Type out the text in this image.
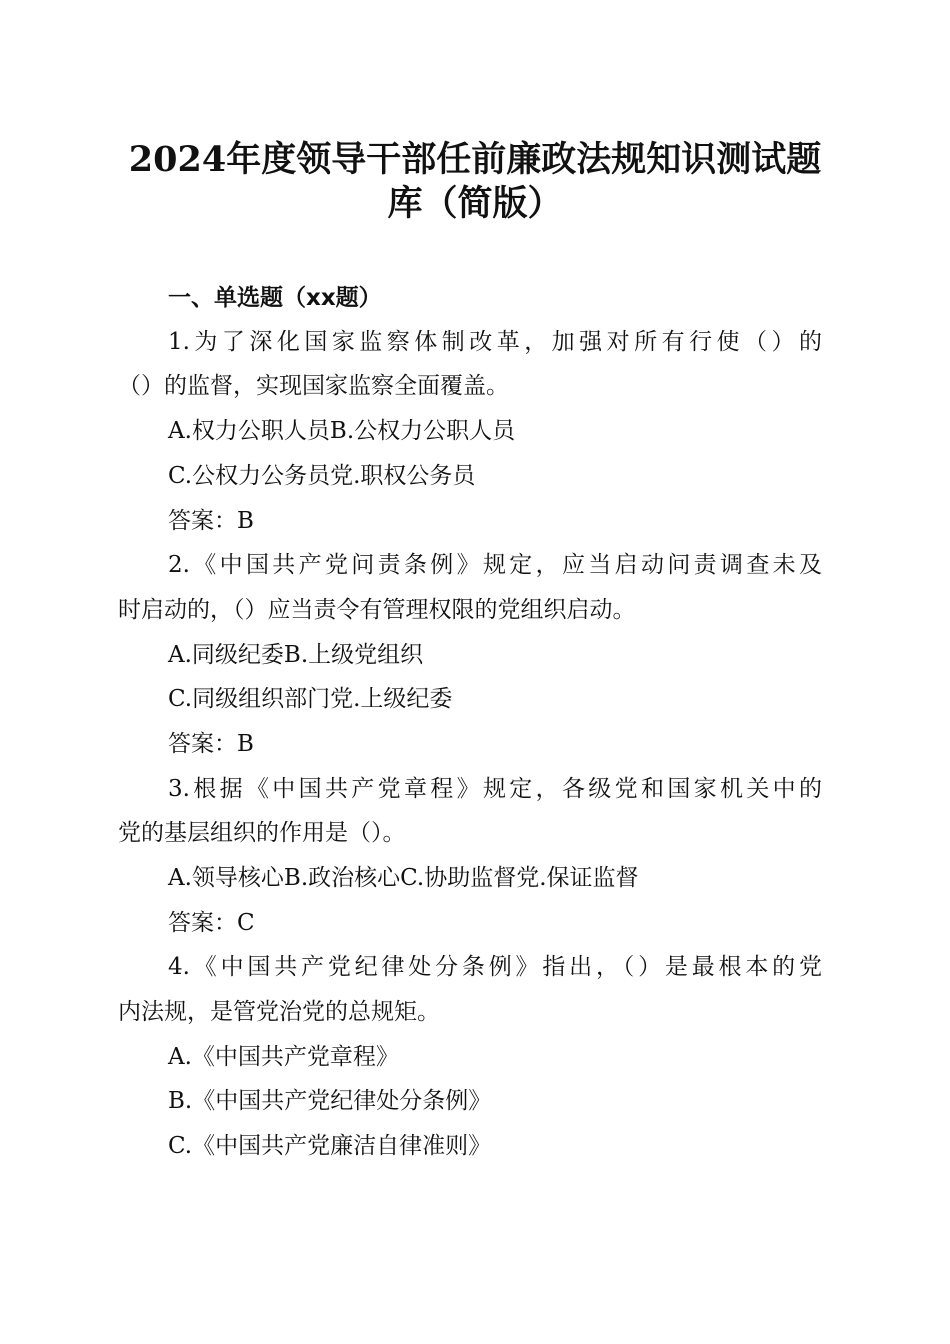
2024年度领导干部任前廉政法规知识测试题
库（简版）
一、单选题（xx题）
1.为了深化国家监察体制改革，加强对所有行使（）的
（）的监督，实现国家监察全面覆盖。
A.权力公职人员B.公权力公职人员
C.公权力公务员党.职权公务员
答案：B
2.《中国共产党问责条例》规定，应当启动问责调查未及
时启动的，（）应当责令有管理权限的党组织启动。
A.同级纪委B.上级党组织
C.同级组织部门党.上级纪委
答案：B
3.根据《中国共产党章程》规定，各级党和国家机关中的
党的基层组织的作用是（）。
A.领导核心B.政治核心C.协助监督党.保证监督
答案：C
4.《中国共产党纪律处分条例》指出，（）是最根本的党
内法规，是管党治党的总规矩。
A.《中国共产党章程》
B.《中国共产党纪律处分条例》
C.《中国共产党廉洁自律准则》
